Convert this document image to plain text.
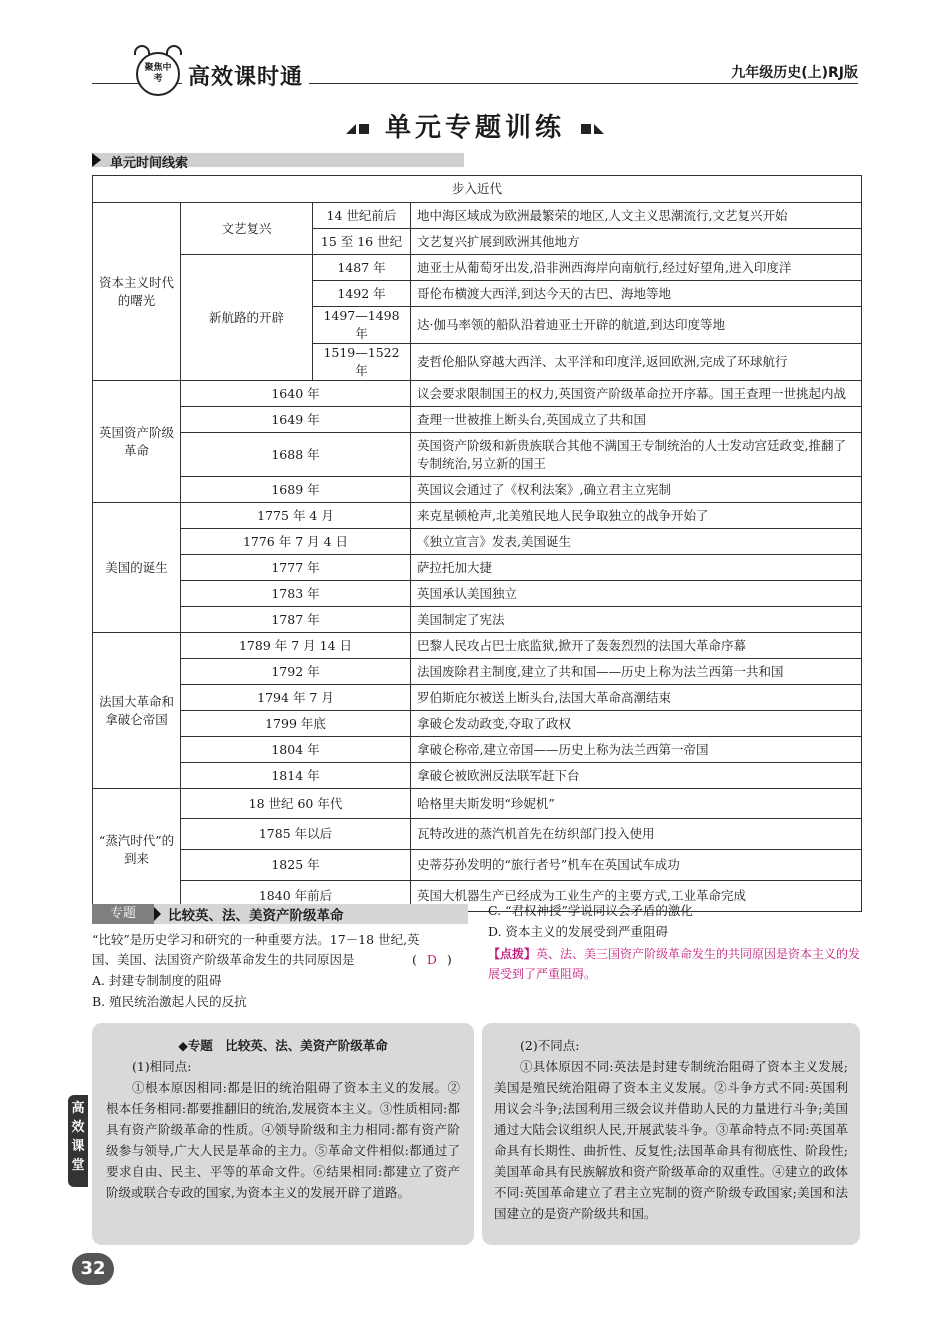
聚焦中考	高效课时通	九年级历史(上)RJ版
单元专题训练
单元时间线索
步入近代			
资本主义时代的曙光	文艺复兴	14 世纪前后	地中海区域成为欧洲最繁荣的地区,人文主义思潮流行,文艺复兴开始
		15 至 16 世纪	文艺复兴扩展到欧洲其他地方
	新航路的开辟	1487 年	迪亚士从葡萄牙出发,沿非洲西海岸向南航行,经过好望角,进入印度洋
		1492 年	哥伦布横渡大西洋,到达今天的古巴、海地等地
		1497—1498 年	达·伽马率领的船队沿着迪亚士开辟的航道,到达印度等地
		1519—1522 年	麦哲伦船队穿越大西洋、太平洋和印度洋,返回欧洲,完成了环球航行
英国资产阶级革命	1640 年		议会要求限制国王的权力,英国资产阶级革命拉开序幕。国王查理一世挑起内战
	1649 年		查理一世被推上断头台,英国成立了共和国
	1688 年		英国资产阶级和新贵族联合其他不满国王专制统治的人士发动宫廷政变,推翻了专制统治,另立新的国王
	1689 年		英国议会通过了《权利法案》,确立君主立宪制
美国的诞生	1775 年 4 月		来克星顿枪声,北美殖民地人民争取独立的战争开始了
	1776 年 7 月 4 日		《独立宣言》发表,美国诞生
	1777 年		萨拉托加大捷
	1783 年		英国承认美国独立
	1787 年		美国制定了宪法
法国大革命和拿破仑帝国	1789 年 7 月 14 日		巴黎人民攻占巴士底监狱,掀开了轰轰烈烈的法国大革命序幕
	1792 年		法国废除君主制度,建立了共和国——历史上称为法兰西第一共和国
	1794 年 7 月		罗伯斯庇尔被送上断头台,法国大革命高潮结束
	1799 年底		拿破仑发动政变,夺取了政权
	1804 年		拿破仑称帝,建立帝国——历史上称为法兰西第一帝国
	1814 年		拿破仑被欧洲反法联军赶下台
“蒸汽时代”的到来	18 世纪 60 年代		哈格里夫斯发明“珍妮机”
	1785 年以后		瓦特改进的蒸汽机首先在纺织部门投入使用
	1825 年		史蒂芬孙发明的“旅行者号”机车在英国试车成功
	1840 年前后		英国大机器生产已经成为工业生产的主要方式,工业革命完成
专题	比较英、法、美资产阶级革命
“比较”是历史学习和研究的一种重要方法。17－18 世纪,英
国、美国、法国资产阶级革命发生的共同原因是	( D )
A. 封建专制制度的阻碍
B. 殖民统治激起人民的反抗
C. “君权神授”学说同议会矛盾的激化
D. 资本主义的发展受到严重阻碍
【点拨】英、法、美三国资产阶级革命发生的共同原因是资本主义的发展受到了严重阻碍。

◆专题　比较英、法、美资产阶级革命

(1)相同点:

①根本原因相同:都是旧的统治阻碍了资本主义的发展。②根本任务相同:都要推翻旧的统治,发展资本主义。③性质相同:都具有资产阶级革命的性质。④领导阶级和主力相同:都有资产阶级参与领导,广大人民是革命的主力。⑤革命文件相似:都通过了要求自由、民主、平等的革命文件。⑥结果相同:都建立了资产阶级或联合专政的国家,为资本主义的发展开辟了道路。

(2)不同点:

①具体原因不同:英法是封建专制统治阻碍了资本主义发展;美国是殖民统治阻碍了资本主义发展。②斗争方式不同:英国利用议会斗争;法国利用三级会议并借助人民的力量进行斗争;美国通过大陆会议组织人民,开展武装斗争。③革命特点不同:英国革命具有长期性、曲折性、反复性;法国革命具有彻底性、阶段性;美国革命具有民族解放和资产阶级革命的双重性。④建立的政体不同:英国革命建立了君主立宪制的资产阶级专政国家;美国和法国建立的是资产阶级共和国。

高效课堂
32
